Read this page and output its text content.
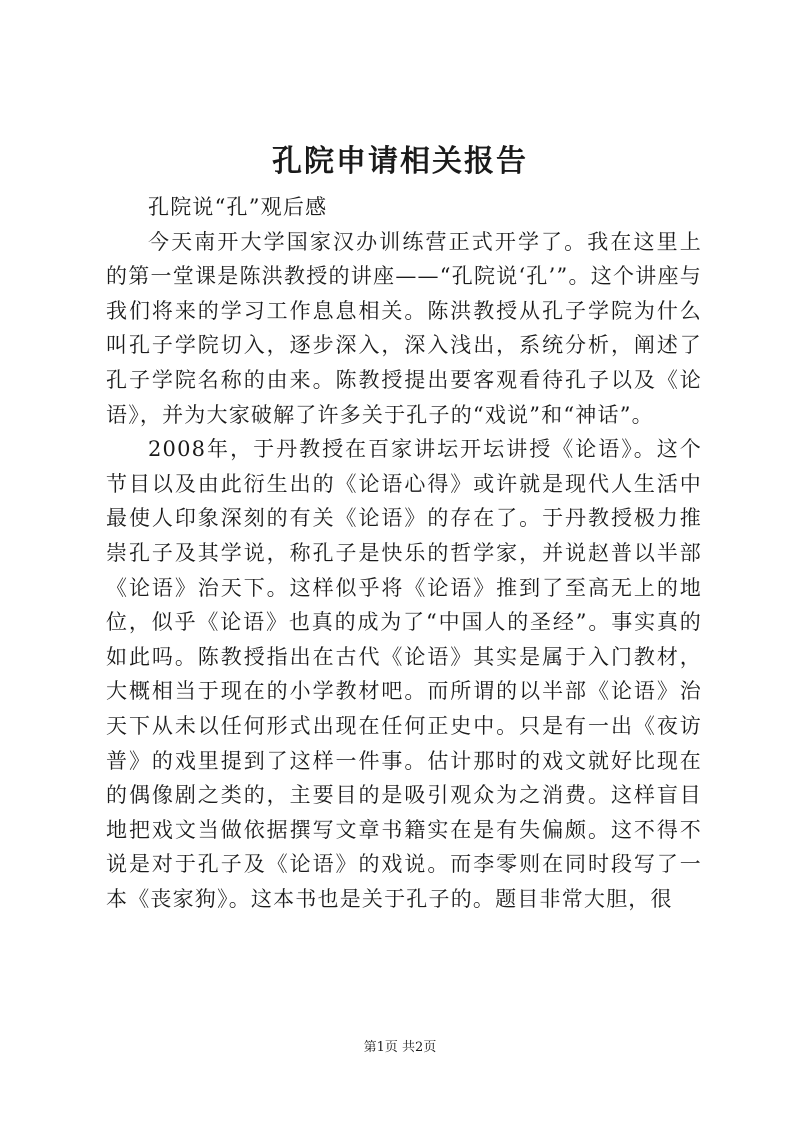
孔院申请相关报告

孔院说“孔”观后感

今天南开大学国家汉办训练营正式开学了。我在这里上的第一堂课是陈洪教授的讲座——“孔院说‘孔’”。这个讲座与我们将来的学习工作息息相关。陈洪教授从孔子学院为什么叫孔子学院切入，逐步深入，深入浅出，系统分析，阐述了孔子学院名称的由来。陈教授提出要客观看待孔子以及《论语》，并为大家破解了许多关于孔子的“戏说”和“神话”。

2008年，于丹教授在百家讲坛开坛讲授《论语》。这个节目以及由此衍生出的《论语心得》或许就是现代人生活中最使人印象深刻的有关《论语》的存在了。于丹教授极力推崇孔子及其学说，称孔子是快乐的哲学家，并说赵普以半部《论语》治天下。这样似乎将《论语》推到了至高无上的地位，似乎《论语》也真的成为了“中国人的圣经”。事实真的如此吗。陈教授指出在古代《论语》其实是属于入门教材，大概相当于现在的小学教材吧。而所谓的以半部《论语》治天下从未以任何形式出现在任何正史中。只是有一出《夜访普》的戏里提到了这样一件事。估计那时的戏文就好比现在的偶像剧之类的，主要目的是吸引观众为之消费。这样盲目地把戏文当做依据撰写文章书籍实在是有失偏颇。这不得不说是对于孔子及《论语》的戏说。而李零则在同时段写了一本《丧家狗》。这本书也是关于孔子的。题目非常大胆，很

第1页 共2页
